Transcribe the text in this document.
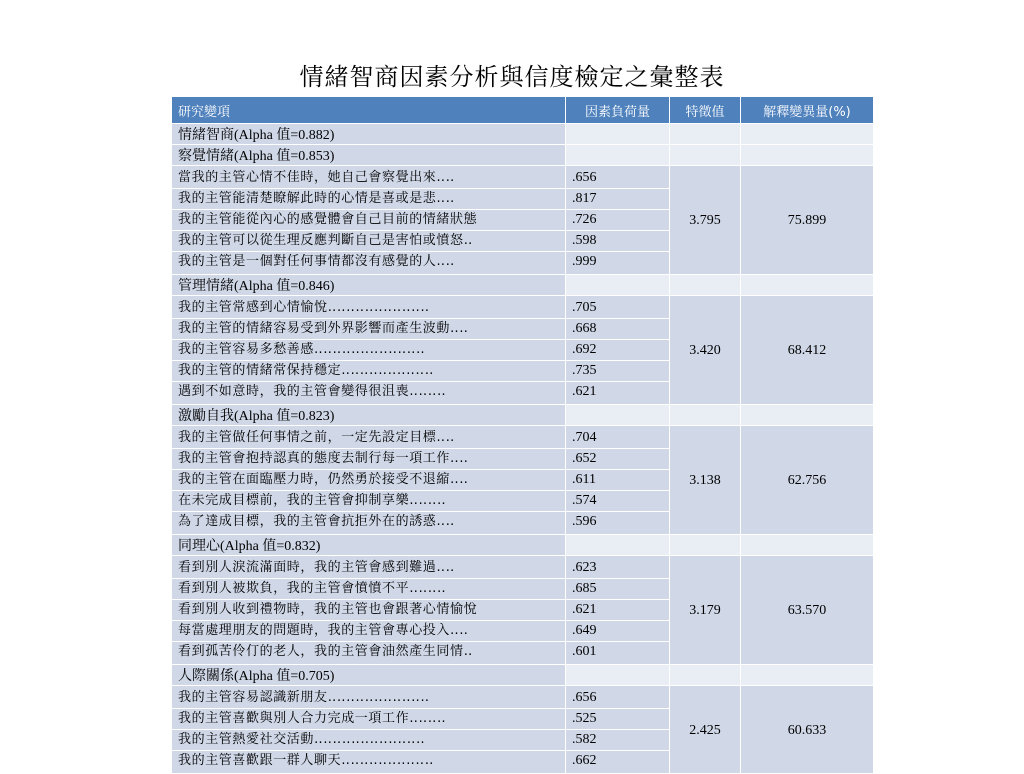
情緒智商因素分析與信度檢定之彙整表
研究變項	因素負荷量	特徵值	解釋變異量(%)
情緒智商(Alpha 值=0.882)			
察覺情緒(Alpha 值=0.853)			

當我的主管心情不佳時，她自己會察覺出來‥‥	.656	3.795	75.899

我的主管能清楚瞭解此時的心情是喜或是悲‥‥	.817		

我的主管能從內心的感覺體會自己目前的情緒狀態	.726		

我的主管可以從生理反應判斷自己是害怕或憤怒‥	.598		

我的主管是一個對任何事情都沒有感覺的人‥‥	.999		
管理情緒(Alpha 值=0.846)			

我的主管常感到心情愉悅‥‥‥‥‥‥‥‥‥‥‥	.705	3.420	68.412

我的主管的情緒容易受到外界影響而產生波動‥‥	.668		

我的主管容易多愁善感‥‥‥‥‥‥‥‥‥‥‥‥	.692		

我的主管的情緒常保持穩定‥‥‥‥‥‥‥‥‥‥	.735		

遇到不如意時，我的主管會變得很沮喪‥‥‥‥	.621		
激勵自我(Alpha 值=0.823)			

我的主管做任何事情之前，一定先設定目標‥‥	.704	3.138	62.756

我的主管會抱持認真的態度去制行每一項工作‥‥	.652		

我的主管在面臨壓力時，仍然勇於接受不退縮‥‥	.611		

在未完成目標前，我的主管會抑制享樂‥‥‥‥	.574		

為了達成目標，我的主管會抗拒外在的誘惑‥‥	.596		
同理心(Alpha 值=0.832)			

看到別人淚流滿面時，我的主管會感到難過‥‥	.623	3.179	63.570

看到別人被欺負，我的主管會憤憤不平‥‥‥‥	.685		

看到別人收到禮物時，我的主管也會跟著心情愉悅	.621		

每當處理朋友的問題時，我的主管會專心投入‥‥	.649		

看到孤苦伶仃的老人，我的主管會油然產生同情‥	.601		
人際關係(Alpha 值=0.705)			

我的主管容易認識新朋友‥‥‥‥‥‥‥‥‥‥‥	.656	2.425	60.633

我的主管喜歡與別人合力完成一項工作‥‥‥‥	.525		

我的主管熱愛社交活動‥‥‥‥‥‥‥‥‥‥‥‥	.582		

我的主管喜歡跟一群人聊天‥‥‥‥‥‥‥‥‥‥	.662		
